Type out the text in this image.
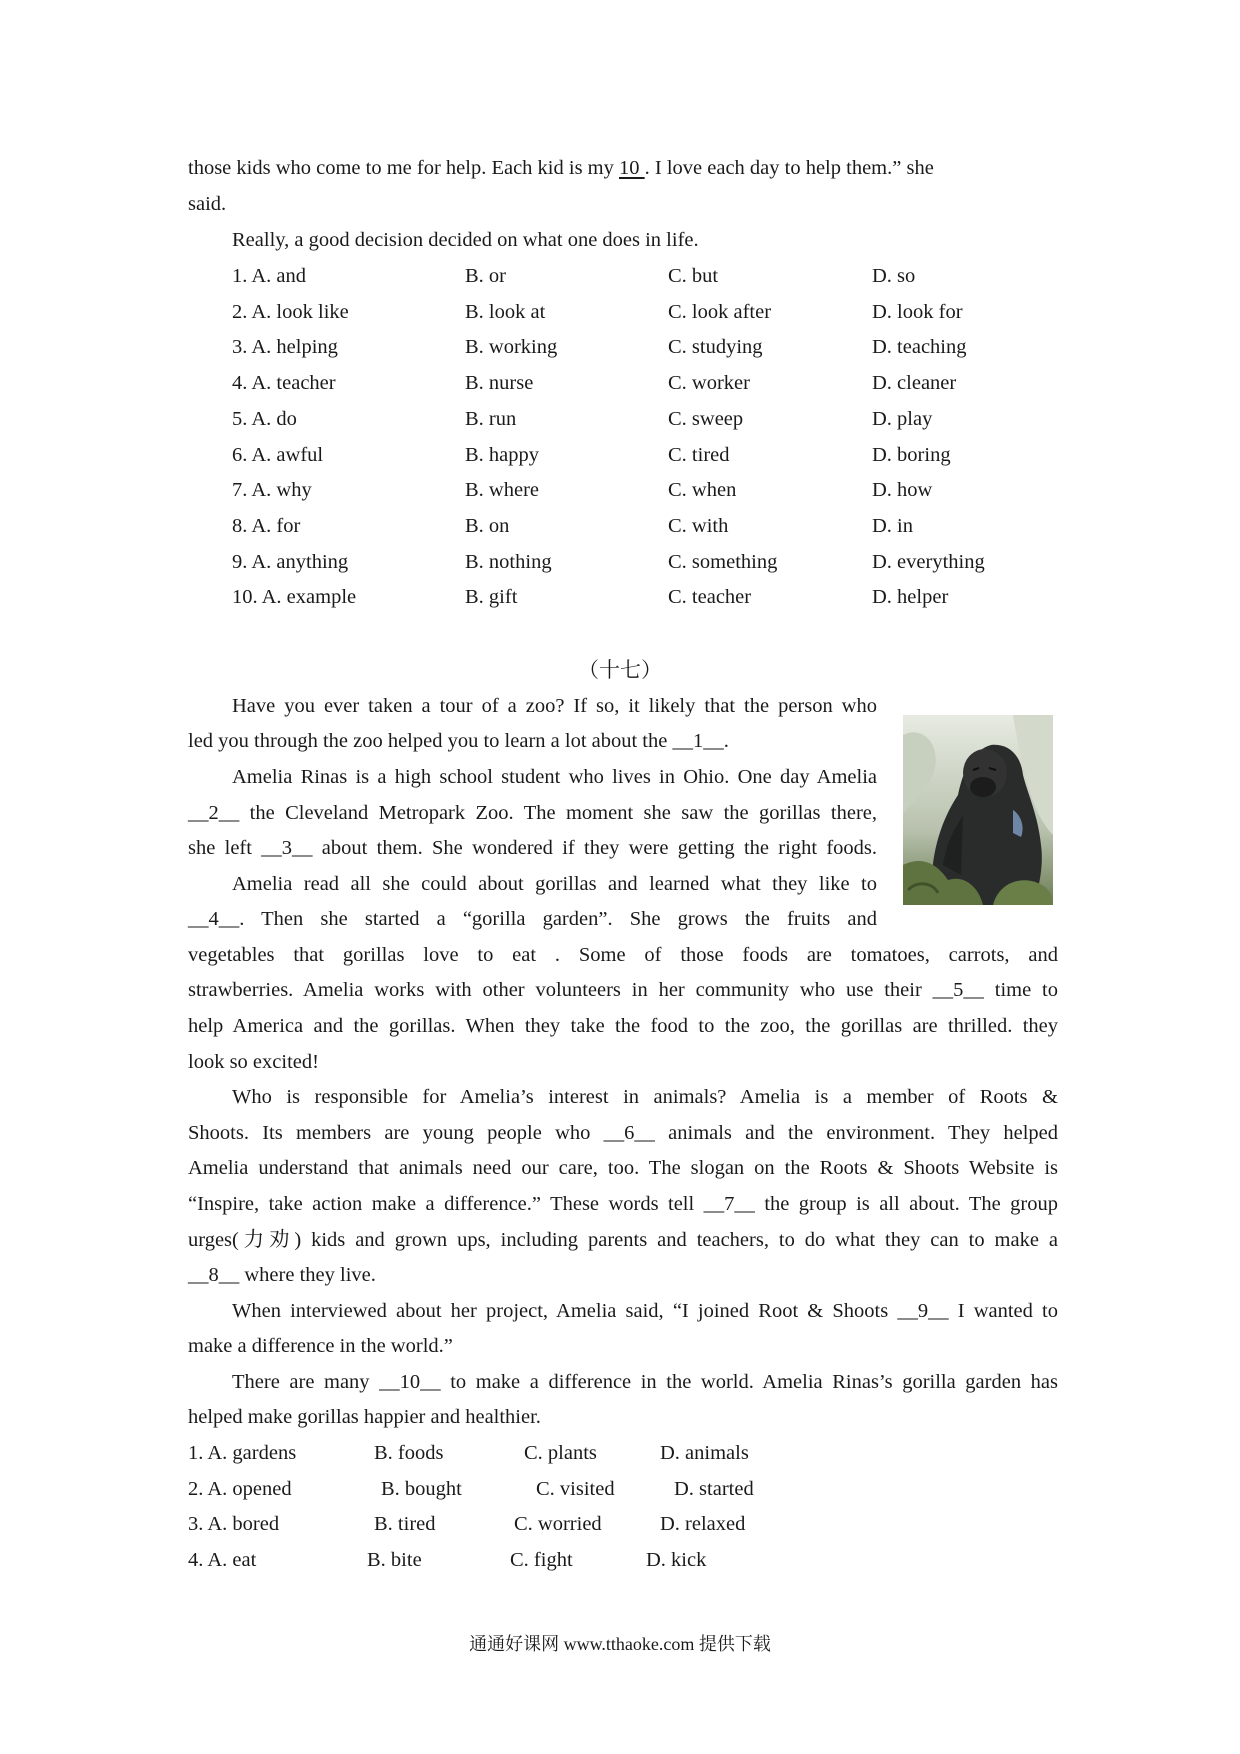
those kids who come to me for help. Each kid is my 10 . I love each day to help them.” she
said.
Really, a good decision decided on what one does in life.
1. A. and	B. or	C. but	D. so
2. A. look like	B. look at	C. look after	D. look for
3. A. helping	B. working	C. studying	D. teaching
4. A. teacher	B. nurse	C. worker	D. cleaner
5. A. do	B. run	C. sweep	D. play
6. A. awful	B. happy	C. tired	D. boring
7. A. why	B. where	C. when	D. how
8. A. for	B. on	C. with	D. in
9. A. anything	B. nothing	C. something	D. everything
10. A. example	B. gift	C. teacher	D. helper
（十七）
Have you ever taken a tour of a zoo? If so, it likely that the person who
led you through the zoo helped you to learn a lot about the __1__.
Amelia Rinas is a high school student who lives in Ohio. One day Amelia
__2__ the Cleveland Metropark Zoo. The moment she saw the gorillas there,
she left __3__ about them. She wondered if they were getting the right foods.
Amelia read all she could about gorillas and learned what they like to
__4__. Then she started a “gorilla garden”. She grows the fruits and
vegetables that gorillas love to eat . Some of those foods are tomatoes, carrots, and
strawberries. Amelia works with other volunteers in her community who use their __5__ time to
help America and the gorillas. When they take the food to the zoo, the gorillas are thrilled. they
look so excited!
Who is responsible for Amelia’s interest in animals? Amelia is a member of Roots &
Shoots. Its members are young people who __6__ animals and the environment. They helped
Amelia understand that animals need our care, too. The slogan on the Roots & Shoots Website is
“Inspire, take action make a difference.” These words tell __7__ the group is all about. The group
urges(力劝) kids and grown ups, including parents and teachers, to do what they can to make a
__8__ where they live.
When interviewed about her project, Amelia said, “I joined Root & Shoots __9__ I wanted to
make a difference in the world.”
There are many __10__ to make a difference in the world. Amelia Rinas’s gorilla garden has
helped make gorillas happier and healthier.
1. A. gardens	B. foods	C. plants	D. animals
2. A. opened	B. bought	C. visited	D. started
3. A. bored	B. tired	C. worried	D. relaxed
4. A. eat	B. bite	C. fight	D. kick
通通好课网 www.tthaoke.com 提供下载
